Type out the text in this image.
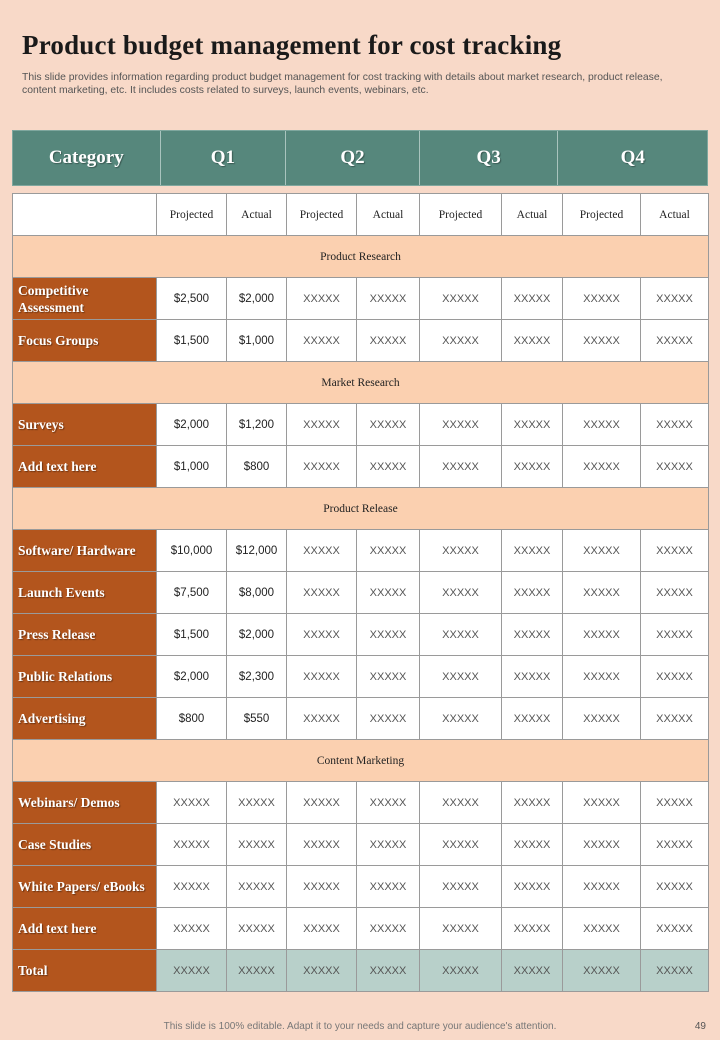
Product budget management for cost tracking
This slide provides information regarding product budget management for cost tracking with details about market research, product release, content marketing, etc. It includes costs related to surveys, launch events, webinars, etc.
Category	Q1	Q2	Q3	Q4
	Projected	Actual	Projected	Actual	Projected	Actual	Projected	Actual
Product Research								
Competitive Assessment	$2,500	$2,000	XXXXX	XXXXX	XXXXX	XXXXX	XXXXX	XXXXX
Focus Groups	$1,500	$1,000	XXXXX	XXXXX	XXXXX	XXXXX	XXXXX	XXXXX
Market Research								
Surveys	$2,000	$1,200	XXXXX	XXXXX	XXXXX	XXXXX	XXXXX	XXXXX
Add text here	$1,000	$800	XXXXX	XXXXX	XXXXX	XXXXX	XXXXX	XXXXX
Product Release								
Software/ Hardware	$10,000	$12,000	XXXXX	XXXXX	XXXXX	XXXXX	XXXXX	XXXXX
Launch Events	$7,500	$8,000	XXXXX	XXXXX	XXXXX	XXXXX	XXXXX	XXXXX
Press Release	$1,500	$2,000	XXXXX	XXXXX	XXXXX	XXXXX	XXXXX	XXXXX
Public Relations	$2,000	$2,300	XXXXX	XXXXX	XXXXX	XXXXX	XXXXX	XXXXX
Advertising	$800	$550	XXXXX	XXXXX	XXXXX	XXXXX	XXXXX	XXXXX
Content Marketing								
Webinars/ Demos	XXXXX	XXXXX	XXXXX	XXXXX	XXXXX	XXXXX	XXXXX	XXXXX
Case Studies	XXXXX	XXXXX	XXXXX	XXXXX	XXXXX	XXXXX	XXXXX	XXXXX
White Papers/ eBooks	XXXXX	XXXXX	XXXXX	XXXXX	XXXXX	XXXXX	XXXXX	XXXXX
Add text here	XXXXX	XXXXX	XXXXX	XXXXX	XXXXX	XXXXX	XXXXX	XXXXX
Total	XXXXX	XXXXX	XXXXX	XXXXX	XXXXX	XXXXX	XXXXX	XXXXX
This slide is 100% editable. Adapt it to your needs and capture your audience's attention.	49
